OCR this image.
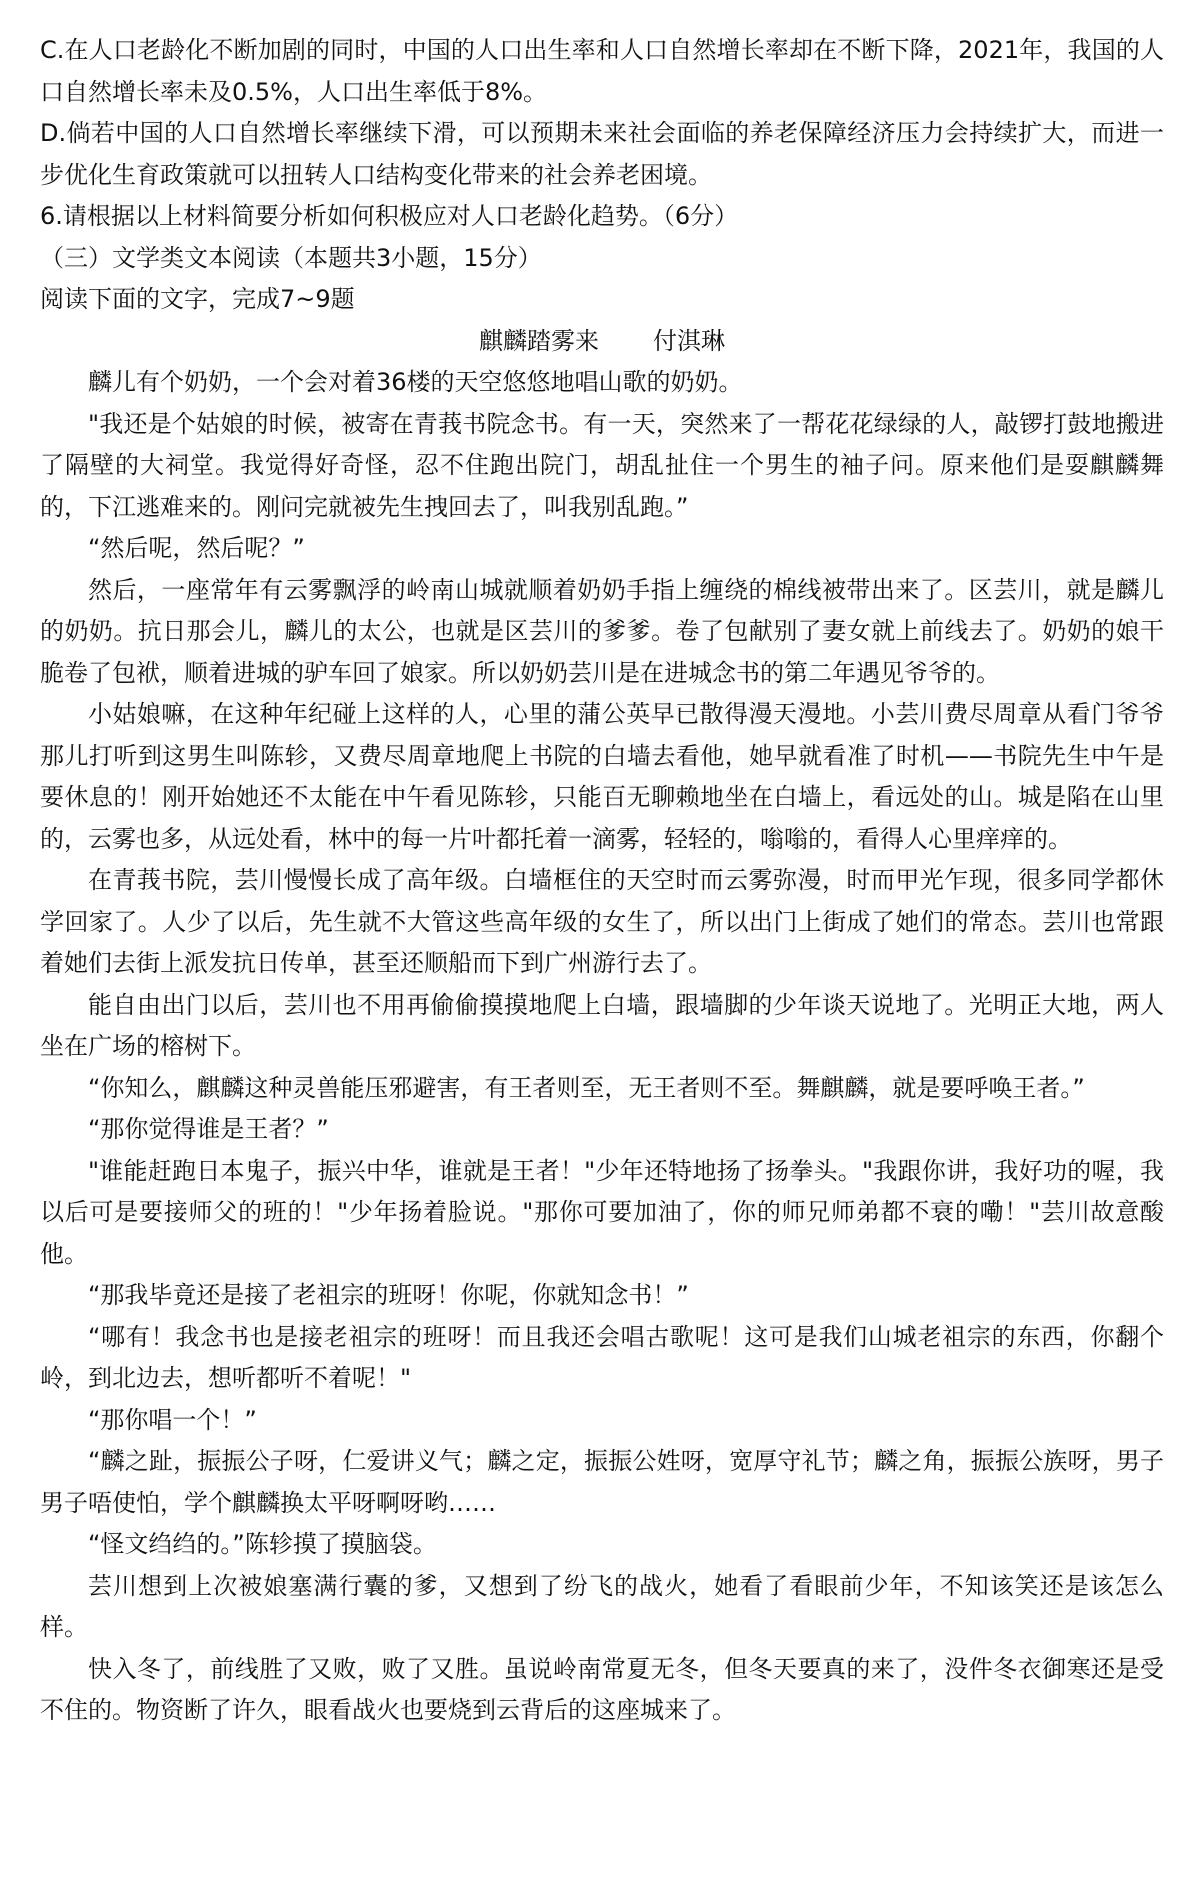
C.在人口老龄化不断加剧的同时，中国的人口出生率和人口自然增长率却在不断下降，2021年，我国的人口自然增长率未及0.5%，人口出生率低于8%。

D.倘若中国的人口自然增长率继续下滑，可以预期未来社会面临的养老保障经济压力会持续扩大，而进一步优化生育政策就可以扭转人口结构变化带来的社会养老困境。

6.请根据以上材料简要分析如何积极应对人口老龄化趋势。（6分）

（三）文学类文本阅读（本题共3小题，15分）

阅读下面的文字，完成7~9题

麒麟踏雾来 付淇琳

麟儿有个奶奶，一个会对着36楼的天空悠悠地唱山歌的奶奶。

"我还是个姑娘的时候，被寄在青莪书院念书。有一天，突然来了一帮花花绿绿的人，敲锣打鼓地搬进了隔壁的大祠堂。我觉得好奇怪，忍不住跑出院门，胡乱扯住一个男生的袖子问。原来他们是耍麒麟舞的，下江逃难来的。刚问完就被先生拽回去了，叫我别乱跑。”

“然后呢，然后呢？”

然后，一座常年有云雾飘浮的岭南山城就顺着奶奶手指上缠绕的棉线被带出来了。区芸川，就是麟儿的奶奶。抗日那会儿，麟儿的太公，也就是区芸川的爹爹。卷了包献别了妻女就上前线去了。奶奶的娘干脆卷了包袱，顺着进城的驴车回了娘家。所以奶奶芸川是在进城念书的第二年遇见爷爷的。

小姑娘嘛，在这种年纪碰上这样的人，心里的蒲公英早已散得漫天漫地。小芸川费尽周章从看门爷爷那儿打听到这男生叫陈轸，又费尽周章地爬上书院的白墙去看他，她早就看准了时机——书院先生中午是要休息的！刚开始她还不太能在中午看见陈轸，只能百无聊赖地坐在白墙上，看远处的山。城是陷在山里的，云雾也多，从远处看，林中的每一片叶都托着一滴雾，轻轻的，嗡嗡的，看得人心里痒痒的。

在青莪书院，芸川慢慢长成了高年级。白墙框住的天空时而云雾弥漫，时而甲光乍现，很多同学都休学回家了。人少了以后，先生就不大管这些高年级的女生了，所以出门上街成了她们的常态。芸川也常跟着她们去街上派发抗日传单，甚至还顺船而下到广州游行去了。

能自由出门以后，芸川也不用再偷偷摸摸地爬上白墙，跟墙脚的少年谈天说地了。光明正大地，两人坐在广场的榕树下。

“你知么，麒麟这种灵兽能压邪避害，有王者则至，无王者则不至。舞麒麟，就是要呼唤王者。”

“那你觉得谁是王者？”

"谁能赶跑日本鬼子，振兴中华，谁就是王者！"少年还特地扬了扬拳头。"我跟你讲，我好功的喔，我以后可是要接师父的班的！"少年扬着脸说。"那你可要加油了，你的师兄师弟都不衰的嘞！"芸川故意酸他。

“那我毕竟还是接了老祖宗的班呀！你呢，你就知念书！”

“哪有！我念书也是接老祖宗的班呀！而且我还会唱古歌呢！这可是我们山城老祖宗的东西，你翻个岭，到北边去，想听都听不着呢！"

“那你唱一个！”

“麟之趾，振振公子呀，仁爱讲义气；麟之定，振振公姓呀，宽厚守礼节；麟之角，振振公族呀，男子男子唔使怕，学个麒麟换太平呀啊呀哟……

“怪文绉绉的。”陈轸摸了摸脑袋。

芸川想到上次被娘塞满行囊的爹，又想到了纷飞的战火，她看了看眼前少年，不知该笑还是该怎么样。

快入冬了，前线胜了又败，败了又胜。虽说岭南常夏无冬，但冬天要真的来了，没件冬衣御寒还是受不住的。物资断了许久，眼看战火也要烧到云背后的这座城来了。
